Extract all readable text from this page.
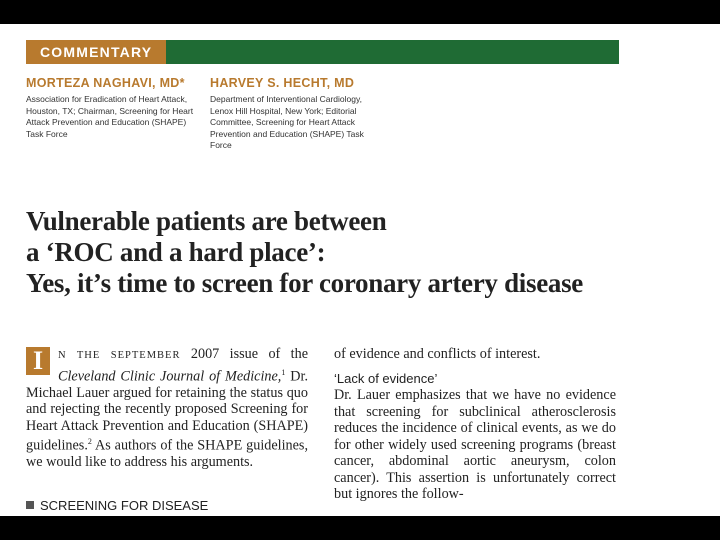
COMMENTARY
MORTEZA NAGHAVI, MD*
Association for Eradication of Heart Attack, Houston, TX; Chairman, Screening for Heart Attack Prevention and Education (SHAPE) Task Force
HARVEY S. HECHT, MD
Department of Interventional Cardiology, Lenox Hill Hospital, New York; Editorial Committee, Screening for Heart Attack Prevention and Education (SHAPE) Task Force
Vulnerable patients are between
a ‘ROC and a hard place’:
Yes, it’s time to screen for coronary artery disease
I	N THE SEPTEMBER 2007 issue of the Cleveland Clinic Journal of Medicine,$^1$ Dr. Michael Lauer argued for retaining the status quo and rejecting the recently proposed Screening for Heart Attack Prevention and Education (SHAPE) guidelines.$^2$ As authors of the SHAPE guidelines, we would like to address his arguments.

of evidence and conflicts of interest.

‘Lack of evidence’

Dr. Lauer emphasizes that we have no evidence that screening for subclinical atherosclerosis reduces the incidence of clinical events, as we do for other widely used screening programs (breast cancer, abdominal aortic aneurysm, colon cancer). This assertion is unfortunately correct but ignores the follow-

SCREENING FOR DISEASE
